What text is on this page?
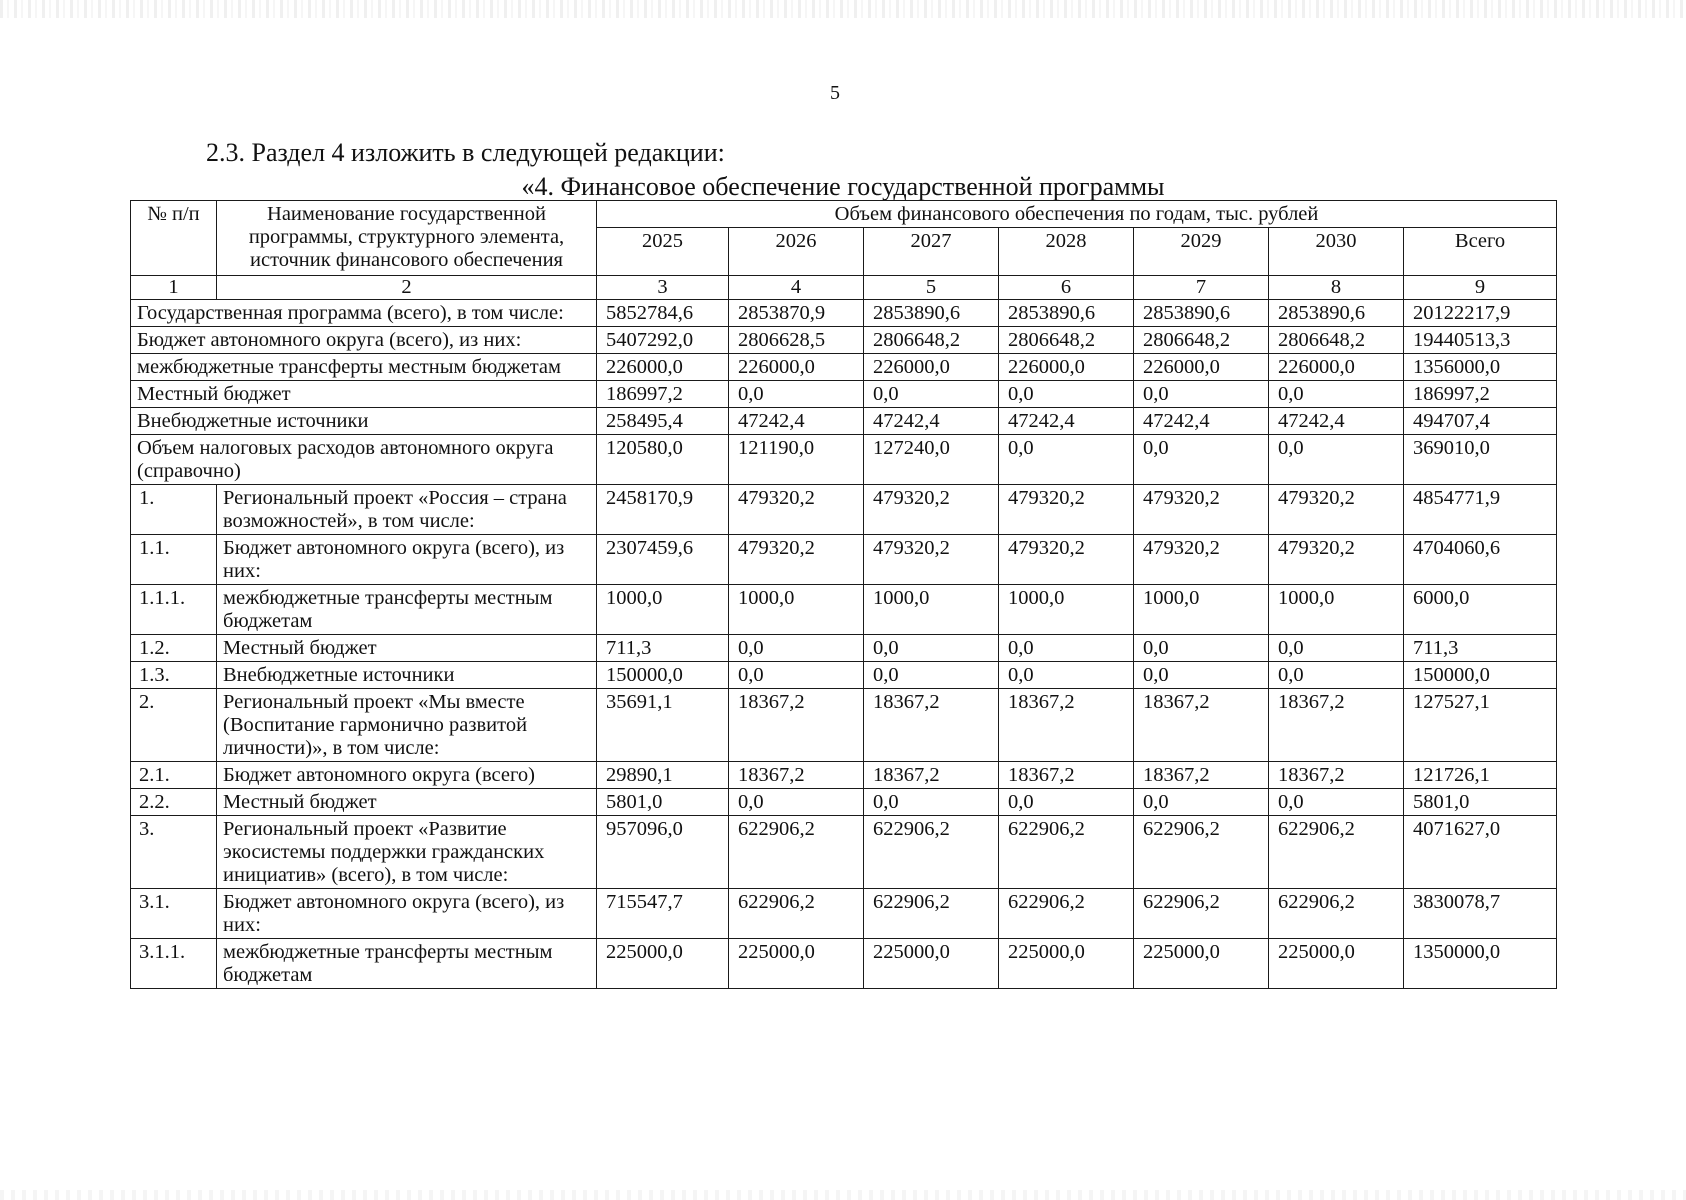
5
2.3. Раздел 4 изложить в следующей редакции:
«4. Финансовое обеспечение государственной программы
№ п/п	Наименование государственной программы, структурного элемента, источник финансового обеспечения	Объем финансового обеспечения по годам, тыс. рублей						
		2025	2026	2027	2028	2029	2030	Всего
1	2	3	4	5	6	7	8	9
Государственная программа (всего), в том числе:		5852784,6	2853870,9	2853890,6	2853890,6	2853890,6	2853890,6	20122217,9
Бюджет автономного округа (всего), из них:		5407292,0	2806628,5	2806648,2	2806648,2	2806648,2	2806648,2	19440513,3
межбюджетные трансферты местным бюджетам		226000,0	226000,0	226000,0	226000,0	226000,0	226000,0	1356000,0
Местный бюджет		186997,2	0,0	0,0	0,0	0,0	0,0	186997,2
Внебюджетные источники		258495,4	47242,4	47242,4	47242,4	47242,4	47242,4	494707,4
Объем налоговых расходов автономного округа (справочно)		120580,0	121190,0	127240,0	0,0	0,0	0,0	369010,0
1.	Региональный проект «Россия – страна возможностей», в том числе:	2458170,9	479320,2	479320,2	479320,2	479320,2	479320,2	4854771,9
1.1.	Бюджет автономного округа (всего), из них:	2307459,6	479320,2	479320,2	479320,2	479320,2	479320,2	4704060,6
1.1.1.	межбюджетные трансферты местным бюджетам	1000,0	1000,0	1000,0	1000,0	1000,0	1000,0	6000,0
1.2.	Местный бюджет	711,3	0,0	0,0	0,0	0,0	0,0	711,3
1.3.	Внебюджетные источники	150000,0	0,0	0,0	0,0	0,0	0,0	150000,0
2.	Региональный проект «Мы вместе (Воспитание гармонично развитой личности)», в том числе:	35691,1	18367,2	18367,2	18367,2	18367,2	18367,2	127527,1
2.1.	Бюджет автономного округа (всего)	29890,1	18367,2	18367,2	18367,2	18367,2	18367,2	121726,1
2.2.	Местный бюджет	5801,0	0,0	0,0	0,0	0,0	0,0	5801,0
3.	Региональный проект «Развитие экосистемы поддержки гражданских инициатив» (всего), в том числе:	957096,0	622906,2	622906,2	622906,2	622906,2	622906,2	4071627,0
3.1.	Бюджет автономного округа (всего), из них:	715547,7	622906,2	622906,2	622906,2	622906,2	622906,2	3830078,7
3.1.1.	межбюджетные трансферты местным бюджетам	225000,0	225000,0	225000,0	225000,0	225000,0	225000,0	1350000,0
